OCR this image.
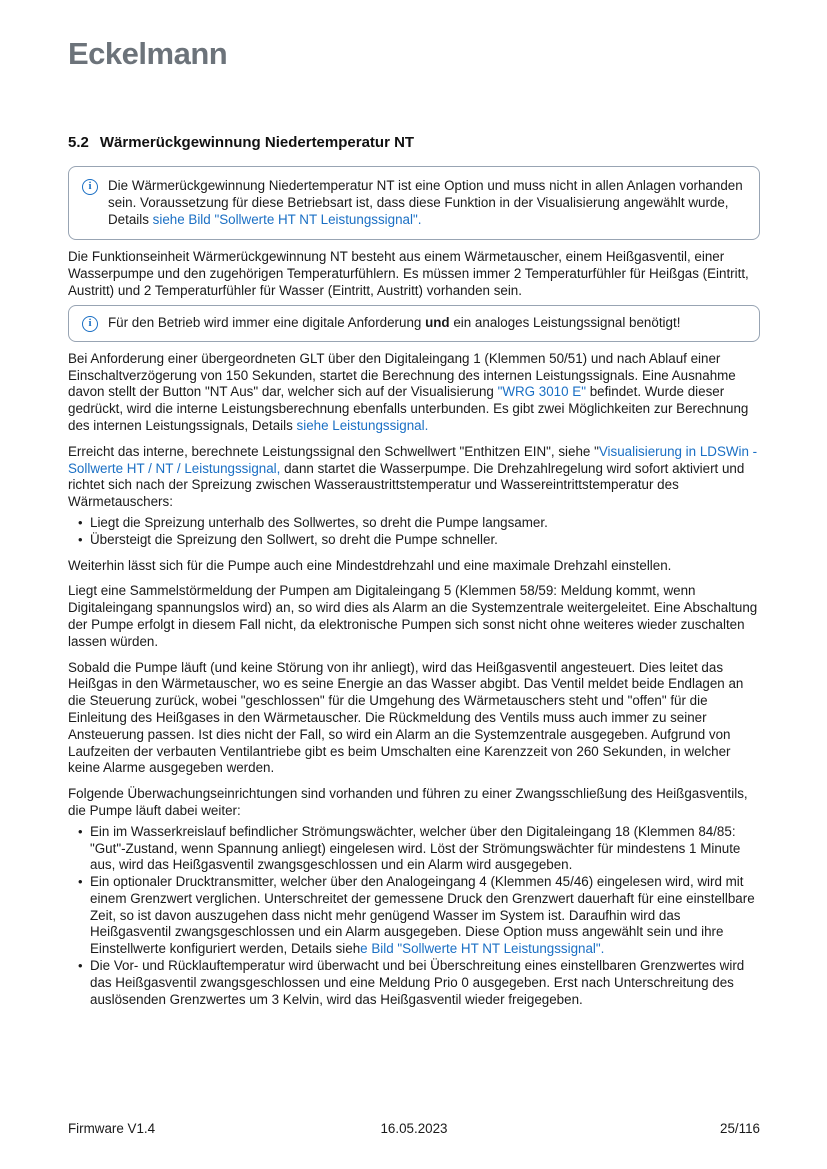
Eckelmann
5.2 Wärmerückgewinnung Niedertemperatur NT
i	Die Wärmerückgewinnung Niedertemperatur NT ist eine Option und muss nicht in allen Anlagen vorhanden sein. Voraussetzung für diese Betriebsart ist, dass diese Funktion in der Visualisierung angewählt wurde, Details siehe Bild "Sollwerte HT NT Leistungssignal".

Die Funktionseinheit Wärmerückgewinnung NT besteht aus einem Wärmetauscher, einem Heißgasventil, einer Wasserpumpe und den zugehörigen Temperaturfühlern. Es müssen immer 2 Temperaturfühler für Heißgas (Eintritt, Austritt) und 2 Temperaturfühler für Wasser (Eintritt, Austritt) vorhanden sein.

i	Für den Betrieb wird immer eine digitale Anforderung und ein analoges Leistungssignal benötigt!

Bei Anforderung einer übergeordneten GLT über den Digitaleingang 1 (Klemmen 50/51) und nach Ablauf einer Einschaltverzögerung von 150 Sekunden, startet die Berechnung des internen Leistungssignals. Eine Ausnahme davon stellt der Button "NT Aus" dar, welcher sich auf der Visualisierung "WRG 3010 E" befindet. Wurde dieser gedrückt, wird die interne Leistungsberechnung ebenfalls unterbunden. Es gibt zwei Möglichkeiten zur Berechnung des internen Leistungssignals, Details siehe Leistungssignal.

Erreicht das interne, berechnete Leistungssignal den Schwellwert "Enthitzen EIN", siehe "Visualisierung in LDSWin - Sollwerte HT / NT / Leistungssignal, dann startet die Wasserpumpe. Die Drehzahlregelung wird sofort aktiviert und richtet sich nach der Spreizung zwischen Wasseraustrittstemperatur und Wassereintrittstemperatur des Wärmetauschers:

• Liegt die Spreizung unterhalb des Sollwertes, so dreht die Pumpe langsamer.
• Übersteigt die Spreizung den Sollwert, so dreht die Pumpe schneller.

Weiterhin lässt sich für die Pumpe auch eine Mindestdrehzahl und eine maximale Drehzahl einstellen.

Liegt eine Sammelstörmeldung der Pumpen am Digitaleingang 5 (Klemmen 58/59: Meldung kommt, wenn Digitaleingang spannungslos wird) an, so wird dies als Alarm an die Systemzentrale weitergeleitet. Eine Abschaltung der Pumpe erfolgt in diesem Fall nicht, da elektronische Pumpen sich sonst nicht ohne weiteres wieder zuschalten lassen würden.

Sobald die Pumpe läuft (und keine Störung von ihr anliegt), wird das Heißgasventil angesteuert. Dies leitet das Heißgas in den Wärmetauscher, wo es seine Energie an das Wasser abgibt. Das Ventil meldet beide Endlagen an die Steuerung zurück, wobei "geschlossen" für die Umgehung des Wärmetauschers steht und "offen" für die Einleitung des Heißgases in den Wärmetauscher. Die Rückmeldung des Ventils muss auch immer zu seiner Ansteuerung passen. Ist dies nicht der Fall, so wird ein Alarm an die Systemzentrale ausgegeben. Aufgrund von Laufzeiten der verbauten Ventilantriebe gibt es beim Umschalten eine Karenzzeit von 260 Sekunden, in welcher keine Alarme ausgegeben werden.

Folgende Überwachungseinrichtungen sind vorhanden und führen zu einer Zwangsschließung des Heißgasventils, die Pumpe läuft dabei weiter:

• Ein im Wasserkreislauf befindlicher Strömungswächter, welcher über den Digitaleingang 18 (Klemmen 84/85: "Gut"-Zustand, wenn Spannung anliegt) eingelesen wird. Löst der Strömungswächter für mindestens 1 Minute aus, wird das Heißgasventil zwangsgeschlossen und ein Alarm wird ausgegeben.
• Ein optionaler Drucktransmitter, welcher über den Analogeingang 4 (Klemmen 45/46) eingelesen wird, wird mit einem Grenzwert verglichen. Unterschreitet der gemessene Druck den Grenzwert dauerhaft für eine einstellbare Zeit, so ist davon auszugehen dass nicht mehr genügend Wasser im System ist. Daraufhin wird das Heißgasventil zwangsgeschlossen und ein Alarm ausgegeben. Diese Option muss angewählt sein und ihre Einstellwerte konfiguriert werden, Details siehe Bild "Sollwerte HT NT Leistungssignal".
• Die Vor- und Rücklauftemperatur wird überwacht und bei Überschreitung eines einstellbaren Grenzwertes wird das Heißgasventil zwangsgeschlossen und eine Meldung Prio 0 ausgegeben. Erst nach Unterschreitung des auslösenden Grenzwertes um 3 Kelvin, wird das Heißgasventil wieder freigegeben.
Firmware V1.4	16.05.2023	25/116
